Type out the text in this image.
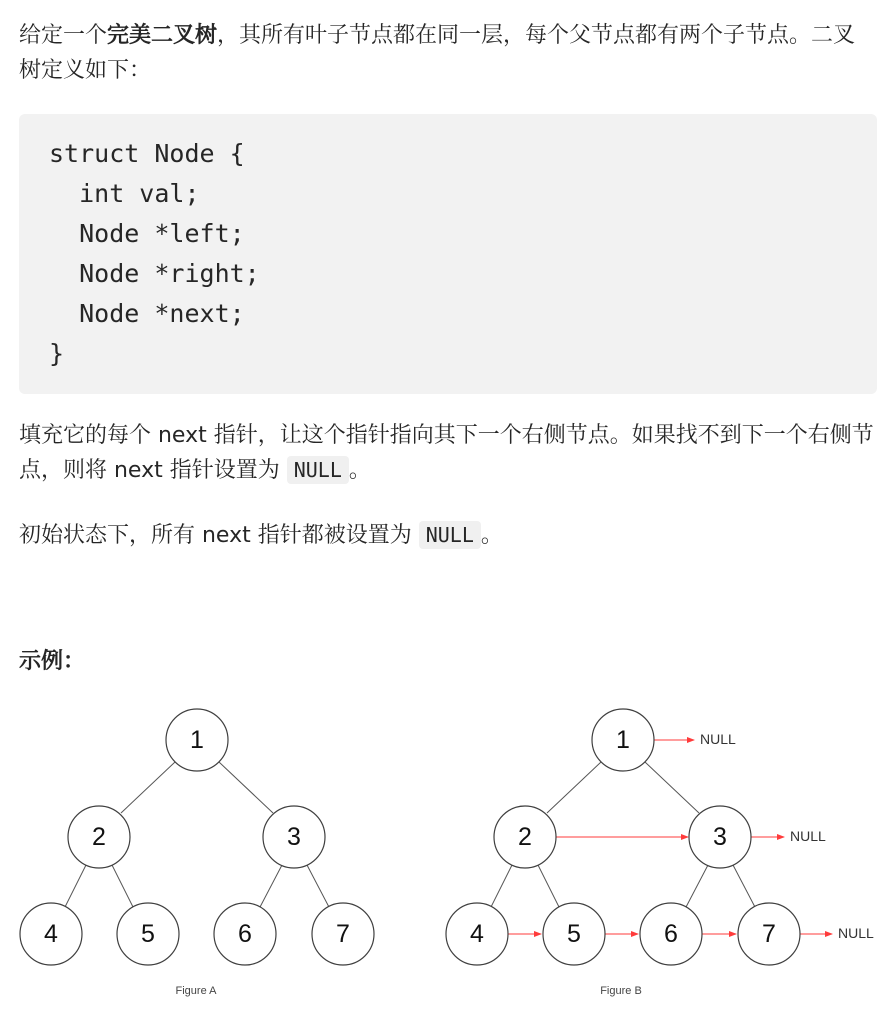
给定一个完美二叉树，其所有叶子节点都在同一层，每个父节点都有两个子节点。二叉树定义如下：

struct Node {
int val;
Node *left;
Node *right;
Node *next;
}

填充它的每个 next 指针，让这个指针指向其下一个右侧节点。如果找不到下一个右侧节点，则将 next 指针设置为 NULL 。

初始状态下，所有 next 指针都被设置为 NULL 。

示例：

1
2	3
4	5	6	7
Figure A
1
2	3
4	5	6	7
NULL
NULL
NULL
Figure B
